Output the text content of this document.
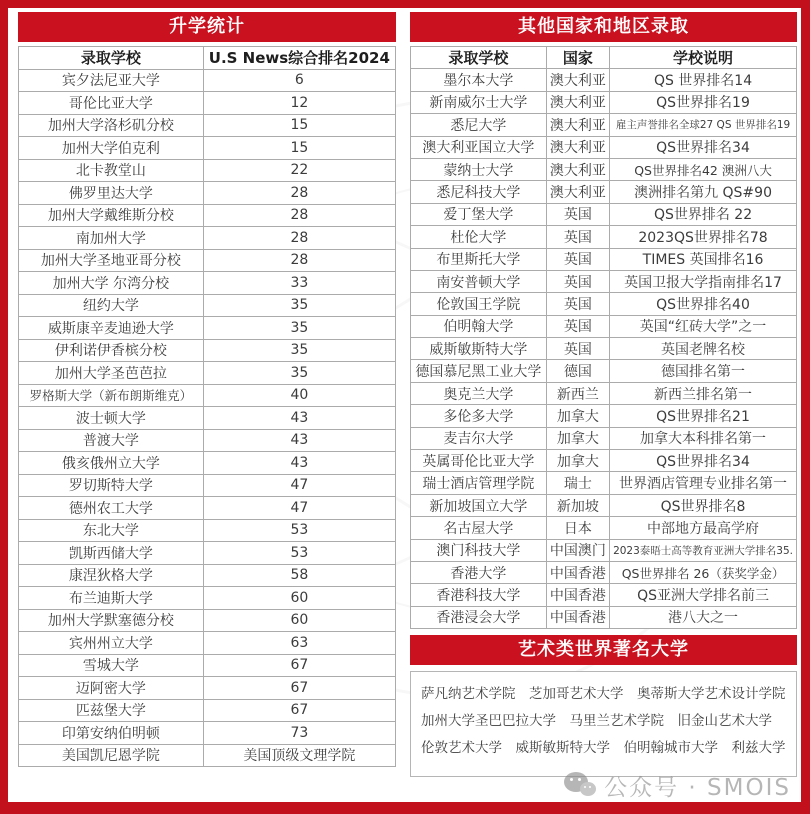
升学统计
录取学校	U.S News综合排名2024
宾夕法尼亚大学	6
哥伦比亚大学	12
加州大学洛杉矶分校	15
加州大学伯克利	15
北卡教堂山	22
佛罗里达大学	28
加州大学戴维斯分校	28
南加州大学	28
加州大学圣地亚哥分校	28
加州大学 尔湾分校	33
纽约大学	35
威斯康辛麦迪逊大学	35
伊利诺伊香槟分校	35
加州大学圣芭芭拉	35
罗格斯大学（新布朗斯维克）	40
波士顿大学	43
普渡大学	43
俄亥俄州立大学	43
罗切斯特大学	47
德州农工大学	47
东北大学	53
凯斯西储大学	53
康涅狄格大学	58
布兰迪斯大学	60
加州大学默塞德分校	60
宾州州立大学	63
雪城大学	67
迈阿密大学	67
匹兹堡大学	67
印第安纳伯明顿	73
美国凯尼恩学院	美国顶级文理学院
其他国家和地区录取
录取学校	国家	学校说明
墨尔本大学	澳大利亚	QS 世界排名14
新南威尔士大学	澳大利亚	QS世界排名19
悉尼大学	澳大利亚	雇主声誉排名全球27 QS 世界排名19
澳大利亚国立大学	澳大利亚	QS世界排名34
蒙纳士大学	澳大利亚	QS世界排名42 澳洲八大
悉尼科技大学	澳大利亚	澳洲排名第九 QS#90
爱丁堡大学	英国	QS世界排名 22
杜伦大学	英国	2023QS世界排名78
布里斯托大学	英国	TIMES 英国排名16
南安普顿大学	英国	英国卫报大学指南排名17
伦敦国王学院	英国	QS世界排名40
伯明翰大学	英国	英国“红砖大学”之一
威斯敏斯特大学	英国	英国老牌名校
德国慕尼黑工业大学	德国	德国排名第一
奥克兰大学	新西兰	新西兰排名第一
多伦多大学	加拿大	QS世界排名21
麦吉尔大学	加拿大	加拿大本科排名第一
英属哥伦比亚大学	加拿大	QS世界排名34
瑞士酒店管理学院	瑞士	世界酒店管理专业排名第一
新加坡国立大学	新加坡	QS世界排名8
名古屋大学	日本	中部地方最高学府
澳门科技大学	中国澳门	2023泰晤士高等教育亚洲大学排名35.
香港大学	中国香港	QS世界排名 26（获奖学金）
香港科技大学	中国香港	QS亚洲大学排名前三
香港浸会大学	中国香港	港八大之一
艺术类世界著名大学
萨凡纳艺术学院　芝加哥艺术大学　奥蒂斯大学艺术设计学院
加州大学圣巴巴拉大学　马里兰艺术学院　旧金山艺术大学
伦敦艺术大学　威斯敏斯特大学　伯明翰城市大学　利兹大学
公众号 · SMOIS
